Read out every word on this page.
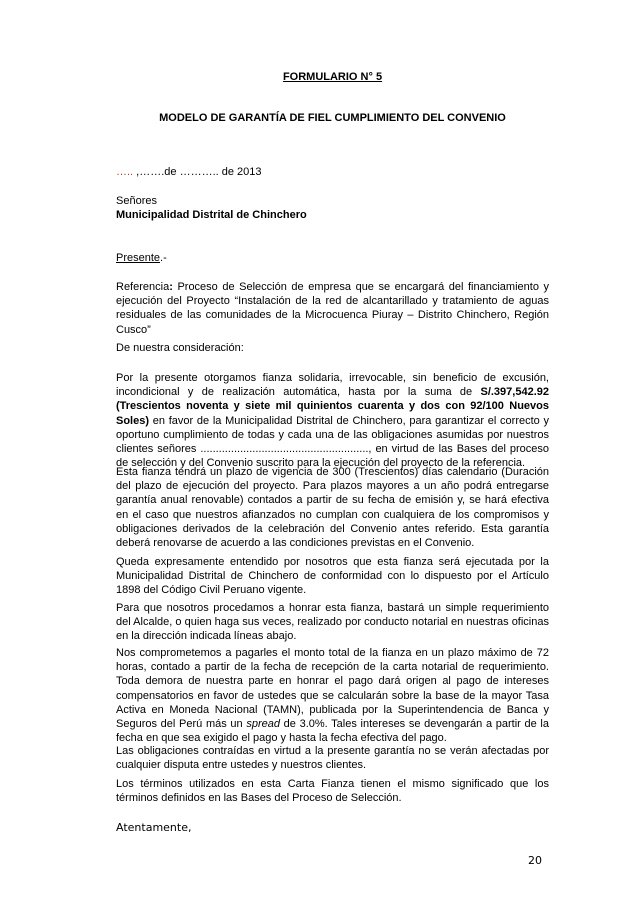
FORMULARIO N° 5
MODELO DE GARANTÍA DE FIEL CUMPLIMIENTO DEL CONVENIO
….. ,…….de ……….. de 2013
Señores
Municipalidad Distrital de Chinchero
Presente.-
Referencia: Proceso de Selección de empresa que se encargará del financiamiento y ejecución del Proyecto “Instalación de la red de alcantarillado y tratamiento de aguas residuales de las comunidades de la Microcuenca Piuray – Distrito Chinchero, Región Cusco”
De nuestra consideración:
Por la presente otorgamos fianza solidaria, irrevocable, sin beneficio de excusión, incondicional y de realización automática, hasta por la suma de S/.397,542.92 (Trescientos noventa y siete mil quinientos cuarenta y dos con 92/100 Nuevos Soles) en favor de la Municipalidad Distrital de Chinchero, para garantizar el correcto y oportuno cumplimiento de todas y cada una de las obligaciones asumidas por nuestros clientes señores ......................................................., en virtud de las Bases del proceso de selección y del Convenio suscrito para la ejecución del proyecto de la referencia.
Esta fianza tendrá un plazo de vigencia de 300 (Trescientos) días calendario (Duración del plazo de ejecución del proyecto. Para plazos mayores a un año podrá entregarse garantía anual renovable) contados a partir de su fecha de emisión y, se hará efectiva en el caso que nuestros afianzados no cumplan con cualquiera de los compromisos y obligaciones derivados de la celebración del Convenio antes referido. Esta garantía deberá renovarse de acuerdo a las condiciones previstas en el Convenio.
Queda expresamente entendido por nosotros que esta fianza será ejecutada por la Municipalidad Distrital de Chinchero de conformidad con lo dispuesto por el Artículo 1898 del Código Civil Peruano vigente.
Para que nosotros procedamos a honrar esta fianza, bastará un simple requerimiento del Alcalde, o quien haga sus veces, realizado por conducto notarial en nuestras oficinas en la dirección indicada líneas abajo.
Nos comprometemos a pagarles el monto total de la fianza en un plazo máximo de 72 horas, contado a partir de la fecha de recepción de la carta notarial de requerimiento. Toda demora de nuestra parte en honrar el pago dará origen al pago de intereses compensatorios en favor de ustedes que se calcularán sobre la base de la mayor Tasa Activa en Moneda Nacional (TAMN), publicada por la Superintendencia de Banca y Seguros del Perú más un spread de 3.0%. Tales intereses se devengarán a partir de la fecha en que sea exigido el pago y hasta la fecha efectiva del pago.
Las obligaciones contraídas en virtud a la presente garantía no se verán afectadas por cualquier disputa entre ustedes y nuestros clientes.
Los términos utilizados en esta Carta Fianza tienen el mismo significado que los términos definidos en las Bases del Proceso de Selección.
Atentamente,
20
